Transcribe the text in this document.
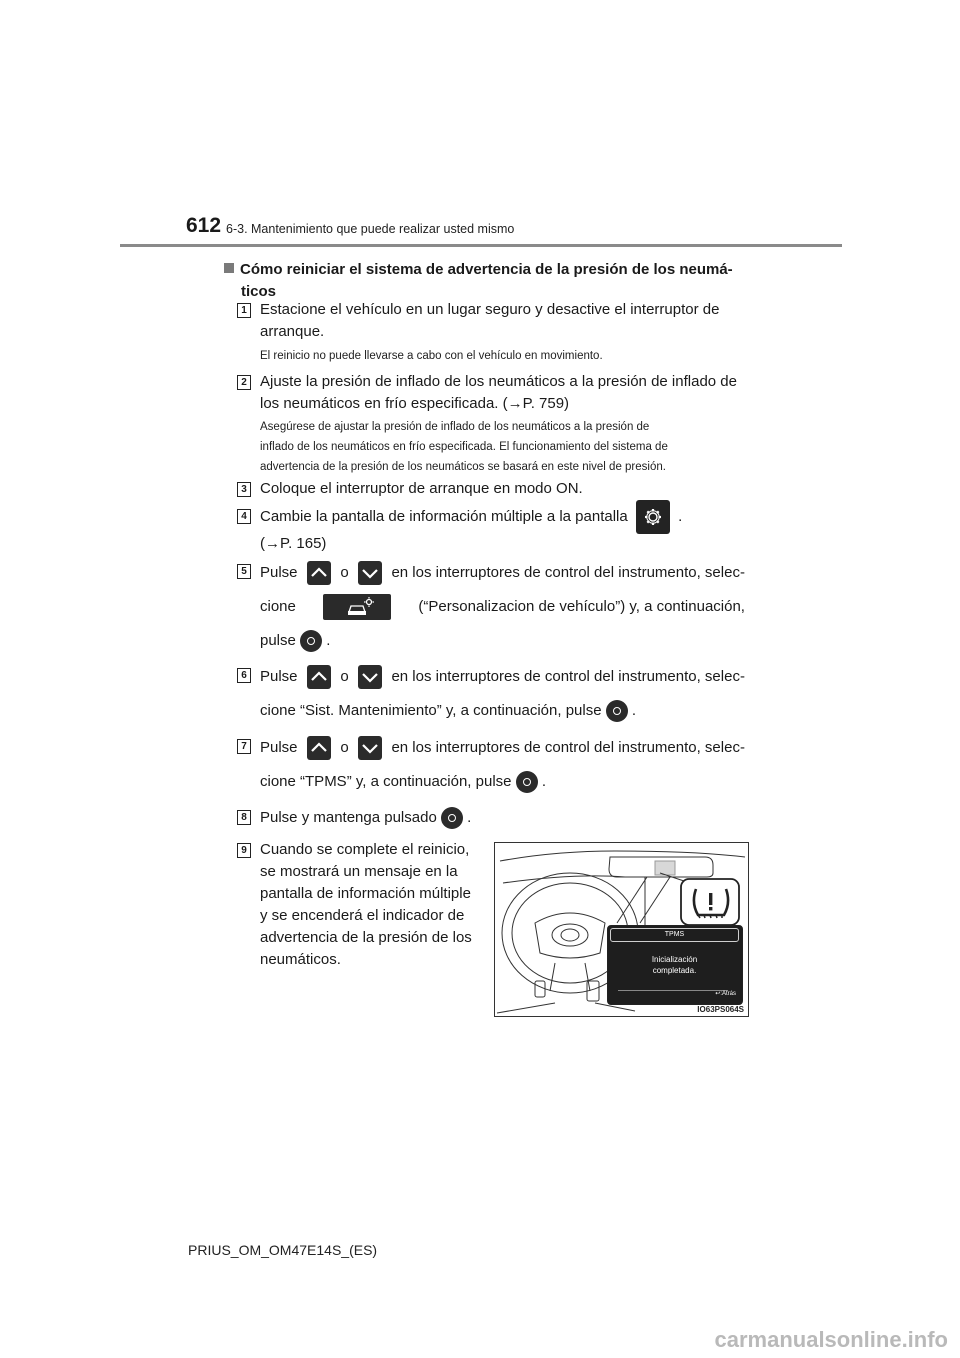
612 6-3. Mantenimiento que puede realizar usted mismo
Cómo reiniciar el sistema de advertencia de la presión de los neumá-
ticos
1 Estacione el vehículo en un lugar seguro y desactive el interruptor de
arranque.
El reinicio no puede llevarse a cabo con el vehículo en movimiento.
2 Ajuste la presión de inflado de los neumáticos a la presión de inflado de
los neumáticos en frío especificada. (→P. 759)
Asegúrese de ajustar la presión de inflado de los neumáticos a la presión de
inflado de los neumáticos en frío especificada. El funcionamiento del sistema de
advertencia de la presión de los neumáticos se basará en este nivel de presión.
3 Coloque el interruptor de arranque en modo ON.
4 Cambie la pantalla de información múltiple a la pantalla	.
(→P. 165)
5 Pulse	o	en los interruptores de control del instrumento, selec-
cione	(“Personalizacion de vehículo”) y, a continuación,
pulse .
6 Pulse	o	en los interruptores de control del instrumento, selec-
cione “Sist. Mantenimiento” y, a continuación, pulse .
7 Pulse	o	en los interruptores de control del instrumento, selec-
cione “TPMS” y, a continuación, pulse .
8 Pulse y mantenga pulsado .
9 Cuando se complete el reinicio,
se mostrará un mensaje en la
pantalla de información múltiple
y se encenderá el indicador de
advertencia de la presión de los
neumáticos.
TPMS
Inicialización
completada.
↩:Atrás
IO63PS064S
PRIUS_OM_OM47E14S_(ES)
carmanualsonline.info
